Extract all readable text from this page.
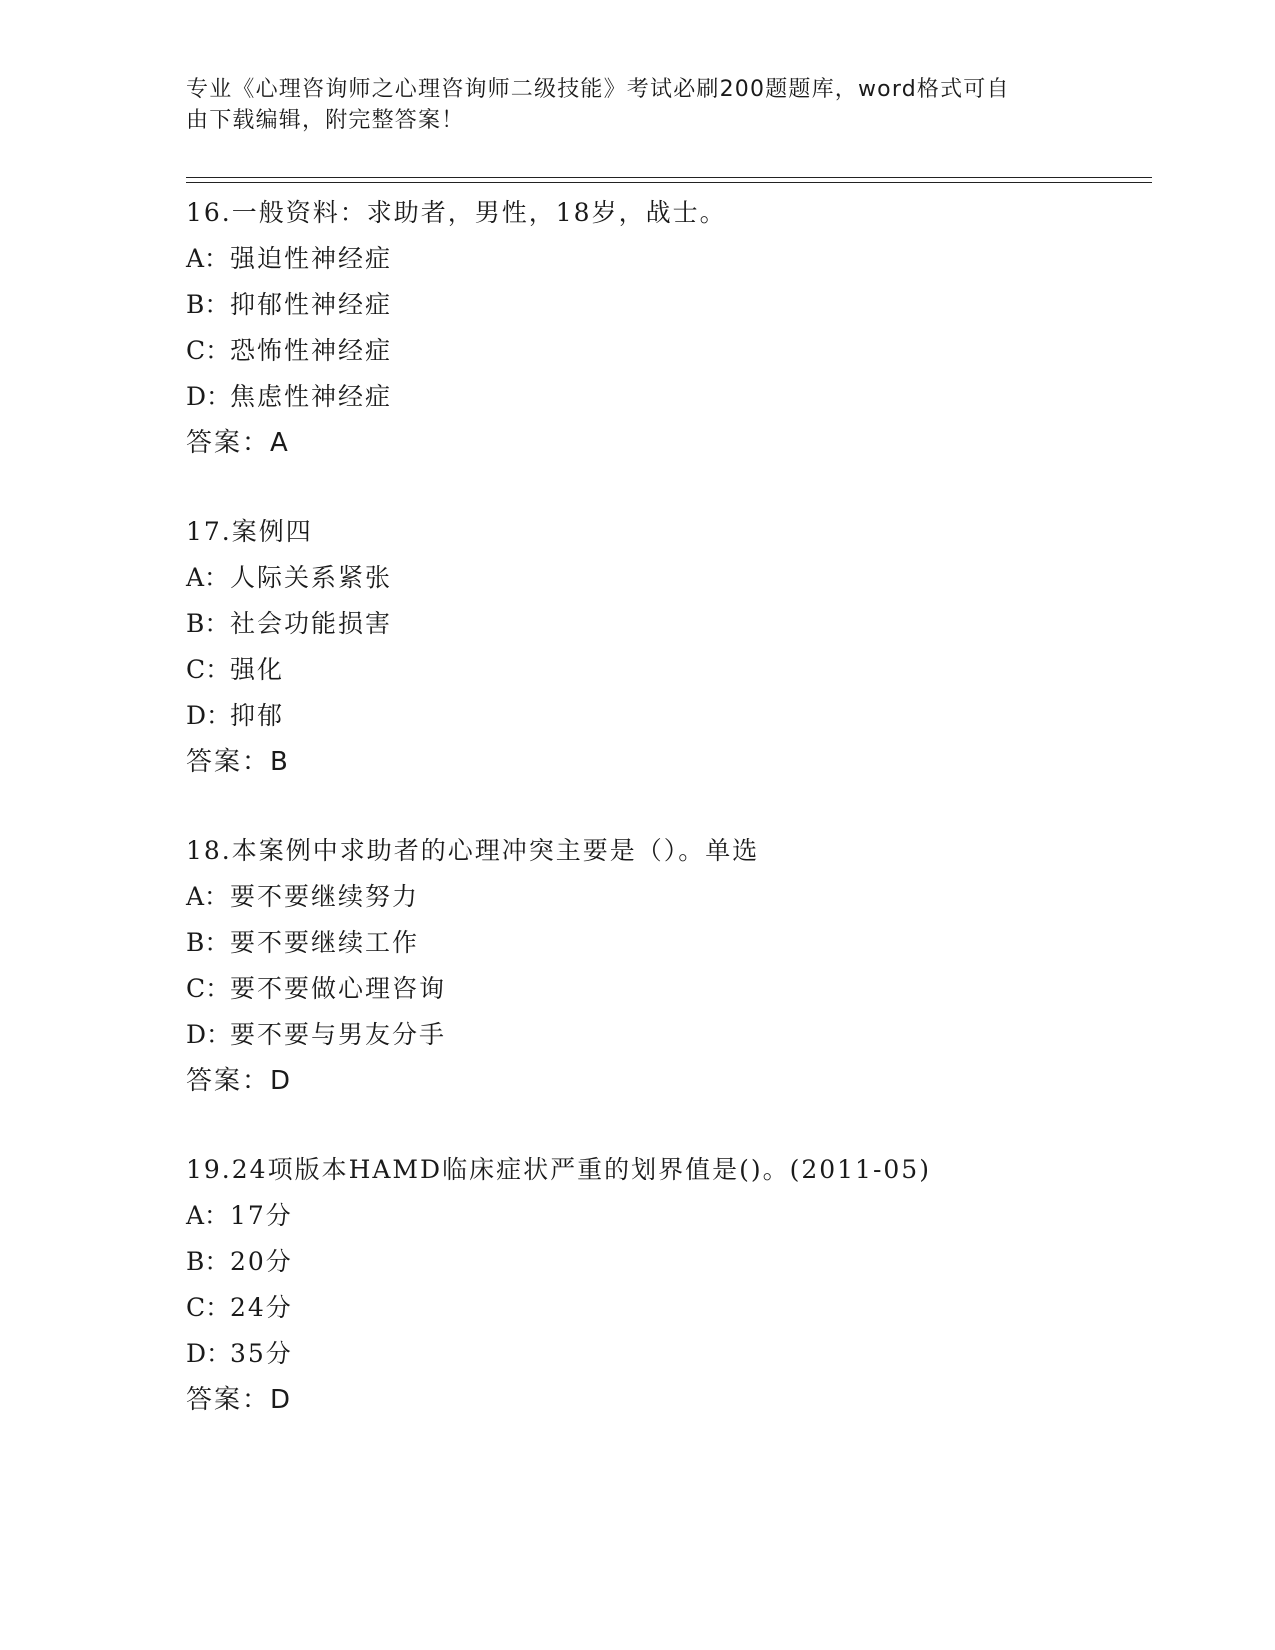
专业《心理咨询师之心理咨询师二级技能》考试必刷200题题库，word格式可自
由下载编辑，附完整答案！
16.一般资料：求助者，男性，18岁，战士。
A：强迫性神经症
B：抑郁性神经症
C：恐怖性神经症
D：焦虑性神经症
答案：A
17.案例四
A：人际关系紧张
B：社会功能损害
C：强化
D：抑郁
答案：B
18.本案例中求助者的心理冲突主要是（）。单选
A：要不要继续努力
B：要不要继续工作
C：要不要做心理咨询
D：要不要与男友分手
答案：D
19.24项版本HAMD临床症状严重的划界值是()。(2011-05)
A：17分
B：20分
C：24分
D：35分
答案：D
